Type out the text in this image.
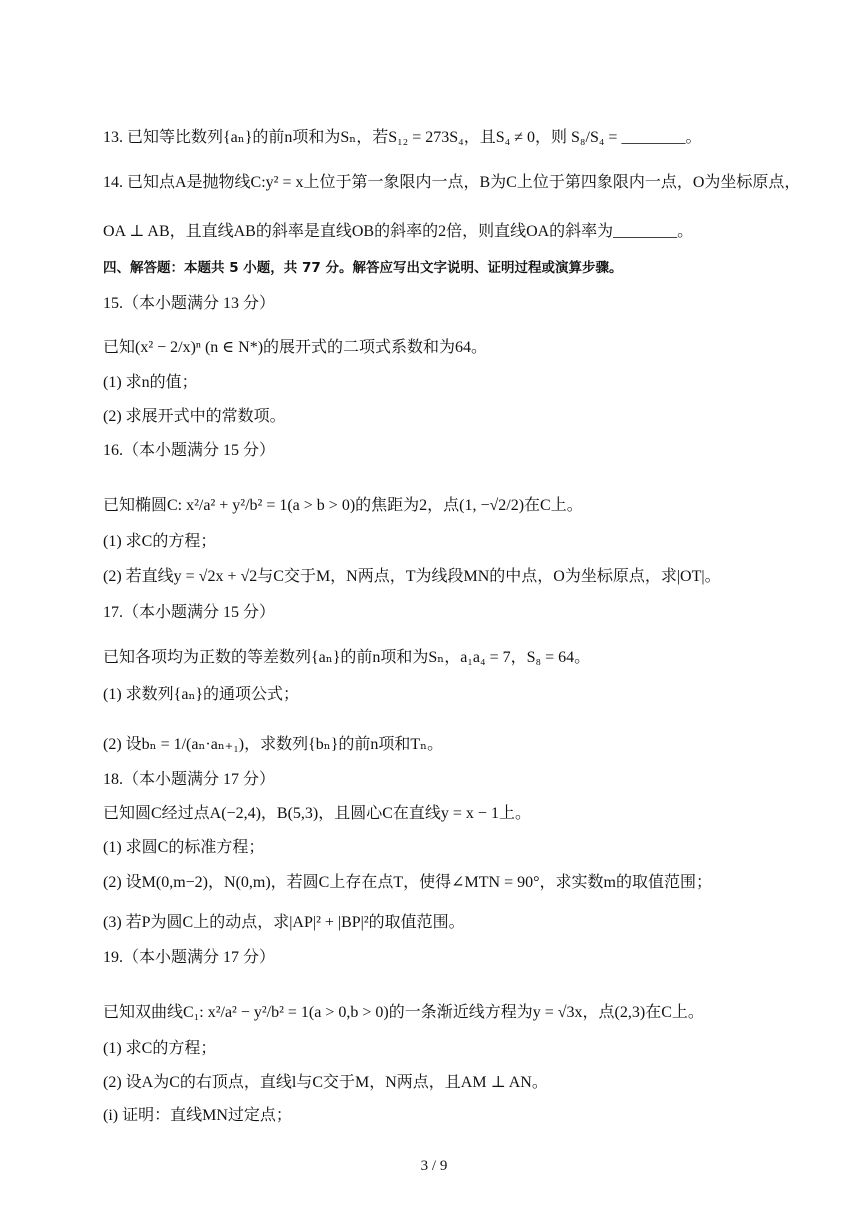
13. 已知等比数列{aₙ}的前n项和为Sₙ，若S₁₂ = 273S₄，且S₄ ≠ 0，则 S₈/S₄ = ________。
14. 已知点A是抛物线C:y² = x上位于第一象限内一点，B为C上位于第四象限内一点，O为坐标原点，
OA ⊥ AB，且直线AB的斜率是直线OB的斜率的2倍，则直线OA的斜率为________。
四、解答题：本题共 5 小题，共 77 分。解答应写出文字说明、证明过程或演算步骤。
15.（本小题满分 13 分）
已知(x² − 2/x)ⁿ (n ∈ N*)的展开式的二项式系数和为64。
(1) 求n的值；
(2) 求展开式中的常数项。
16.（本小题满分 15 分）
已知椭圆C: x²/a² + y²/b² = 1(a > b > 0)的焦距为2，点(1, −√2/2)在C上。
(1) 求C的方程；
(2) 若直线y = √2x + √2与C交于M，N两点，T为线段MN的中点，O为坐标原点，求|OT|。
17.（本小题满分 15 分）
已知各项均为正数的等差数列{aₙ}的前n项和为Sₙ，a₁a₄ = 7，S₈ = 64。
(1) 求数列{aₙ}的通项公式；
(2) 设bₙ = 1/(aₙ·aₙ₊₁)，求数列{bₙ}的前n项和Tₙ。
18.（本小题满分 17 分）
已知圆C经过点A(−2,4)，B(5,3)，且圆心C在直线y = x − 1上。
(1) 求圆C的标准方程；
(2) 设M(0,m−2)，N(0,m)，若圆C上存在点T，使得∠MTN = 90°，求实数m的取值范围；
(3) 若P为圆C上的动点，求|AP|² + |BP|²的取值范围。
19.（本小题满分 17 分）
已知双曲线C₁: x²/a² − y²/b² = 1(a > 0,b > 0)的一条渐近线方程为y = √3x，点(2,3)在C上。
(1) 求C的方程；
(2) 设A为C的右顶点，直线l与C交于M，N两点，且AM ⊥ AN。
(i) 证明：直线MN过定点；
3 / 9
